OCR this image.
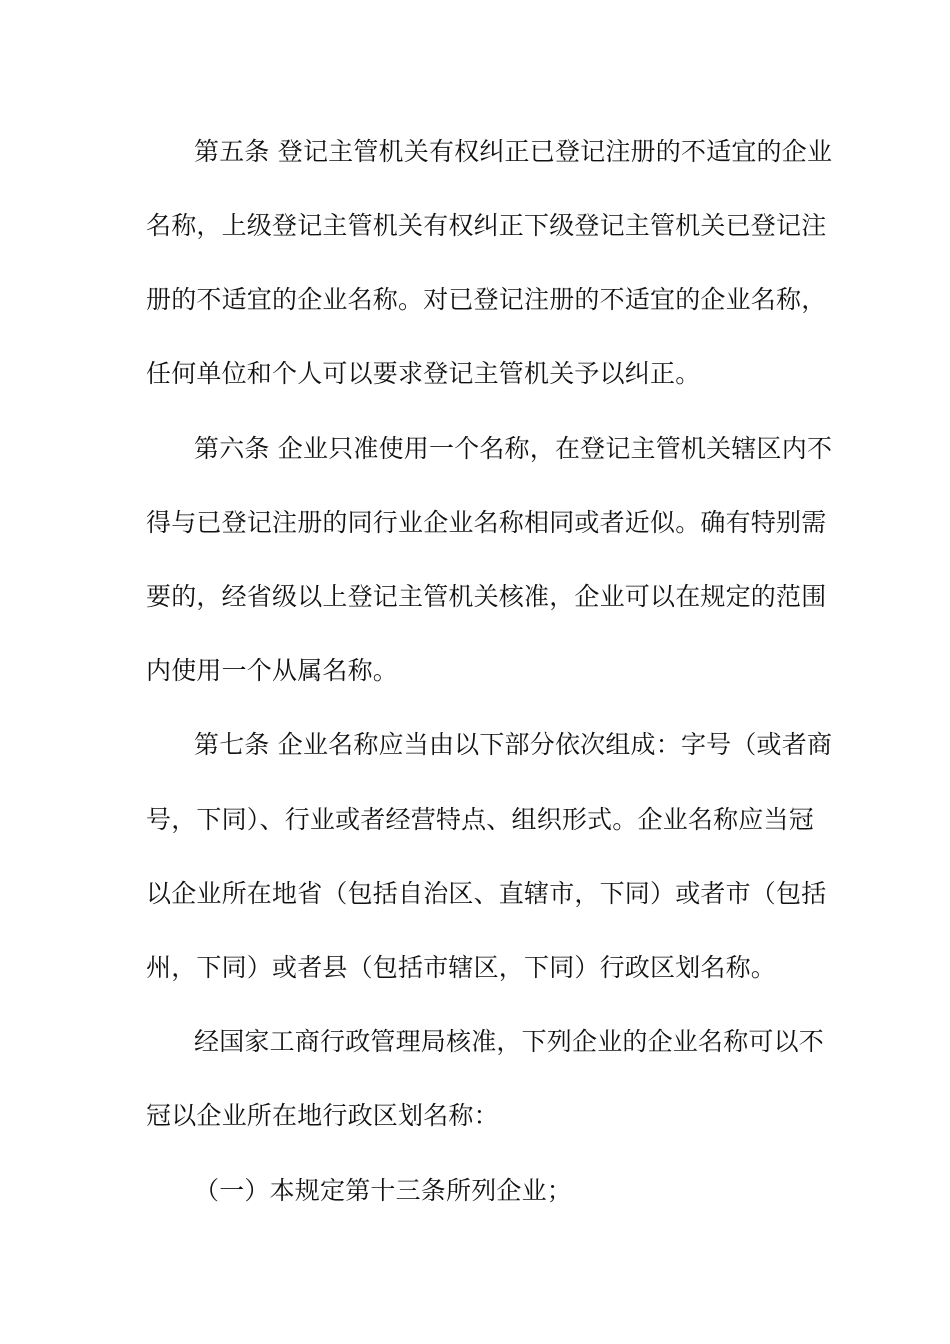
第五条 登记主管机关有权纠正已登记注册的不适宜的企业
名称，上级登记主管机关有权纠正下级登记主管机关已登记注
册的不适宜的企业名称。对已登记注册的不适宜的企业名称，
任何单位和个人可以要求登记主管机关予以纠正。
第六条 企业只准使用一个名称，在登记主管机关辖区内不
得与已登记注册的同行业企业名称相同或者近似。确有特别需
要的，经省级以上登记主管机关核准，企业可以在规定的范围
内使用一个从属名称。
第七条 企业名称应当由以下部分依次组成：字号（或者商
号，下同）、行业或者经营特点、组织形式。企业名称应当冠
以企业所在地省（包括自治区、直辖市，下同）或者市（包括
州，下同）或者县（包括市辖区，下同）行政区划名称。
经国家工商行政管理局核准，下列企业的企业名称可以不
冠以企业所在地行政区划名称：
（一）本规定第十三条所列企业；
